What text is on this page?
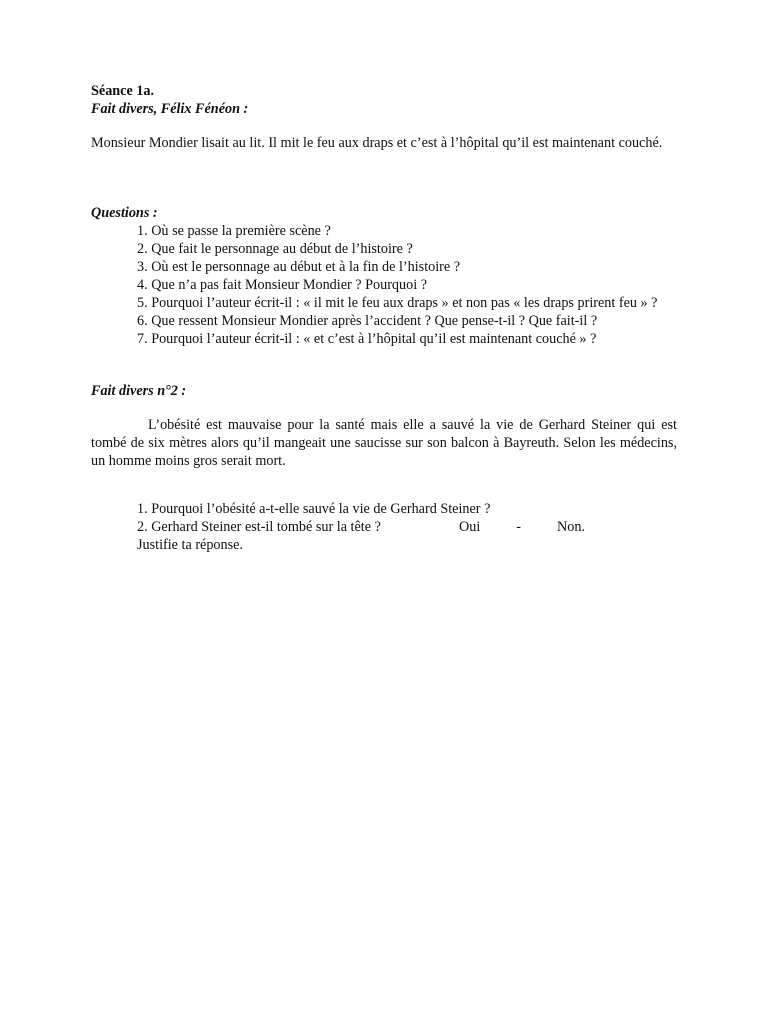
Séance 1a.
Fait divers, Félix Fénéon :
Monsieur Mondier lisait au lit. Il mit le feu aux draps et c’est à l’hôpital qu’il est maintenant couché.
Questions :
1. Où se passe la première scène ?
2. Que fait le personnage au début de l’histoire ?
3. Où est le personnage au début et à la fin de l’histoire ?
4. Que n’a pas fait Monsieur Mondier ? Pourquoi ?
5. Pourquoi l’auteur écrit-il : « il mit le feu aux draps » et non pas « les draps prirent feu » ?
6. Que ressent Monsieur Mondier après l’accident ? Que pense-t-il ? Que fait-il ?
7. Pourquoi l’auteur écrit-il : « et c’est à l’hôpital qu’il est maintenant couché » ?
Fait divers n°2 :
L’obésité est mauvaise pour la santé mais elle a sauvé la vie de Gerhard Steiner qui est tombé de six mètres alors qu’il mangeait une saucisse sur son balcon à Bayreuth. Selon les médecins, un homme moins gros serait mort.
1. Pourquoi l’obésité a-t-elle sauvé la vie de Gerhard Steiner ?
2. Gerhard Steiner est-il tombé sur la tête ?	Oui	-	Non.
Justifie ta réponse.
